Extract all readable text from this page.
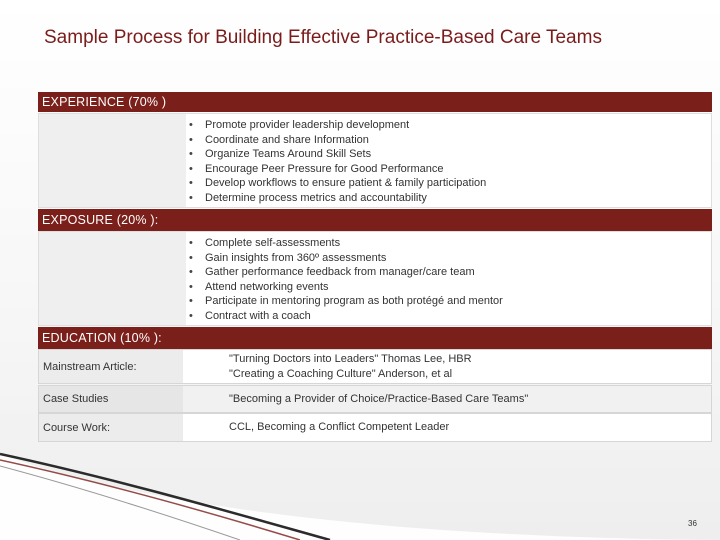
Sample Process for Building Effective Practice-Based Care Teams
EXPERIENCE (70% )
• Promote provider leadership development
• Coordinate and share Information
• Organize Teams Around Skill Sets
• Encourage Peer Pressure for Good Performance
• Develop workflows to ensure patient & family participation
• Determine process metrics and accountability
EXPOSURE (20% ):
• Complete self-assessments
• Gain insights from 360º assessments
• Gather performance feedback from manager/care team
• Attend networking events
• Participate in mentoring program as both protégé and mentor
• Contract with a coach
EDUCATION (10% ):
Mainstream Article:
"Turning Doctors into Leaders" Thomas Lee, HBR
"Creating a Coaching Culture" Anderson, et al
Case Studies	"Becoming a Provider of Choice/Practice-Based Care Teams"
Course Work:	CCL, Becoming a Conflict Competent Leader
36
